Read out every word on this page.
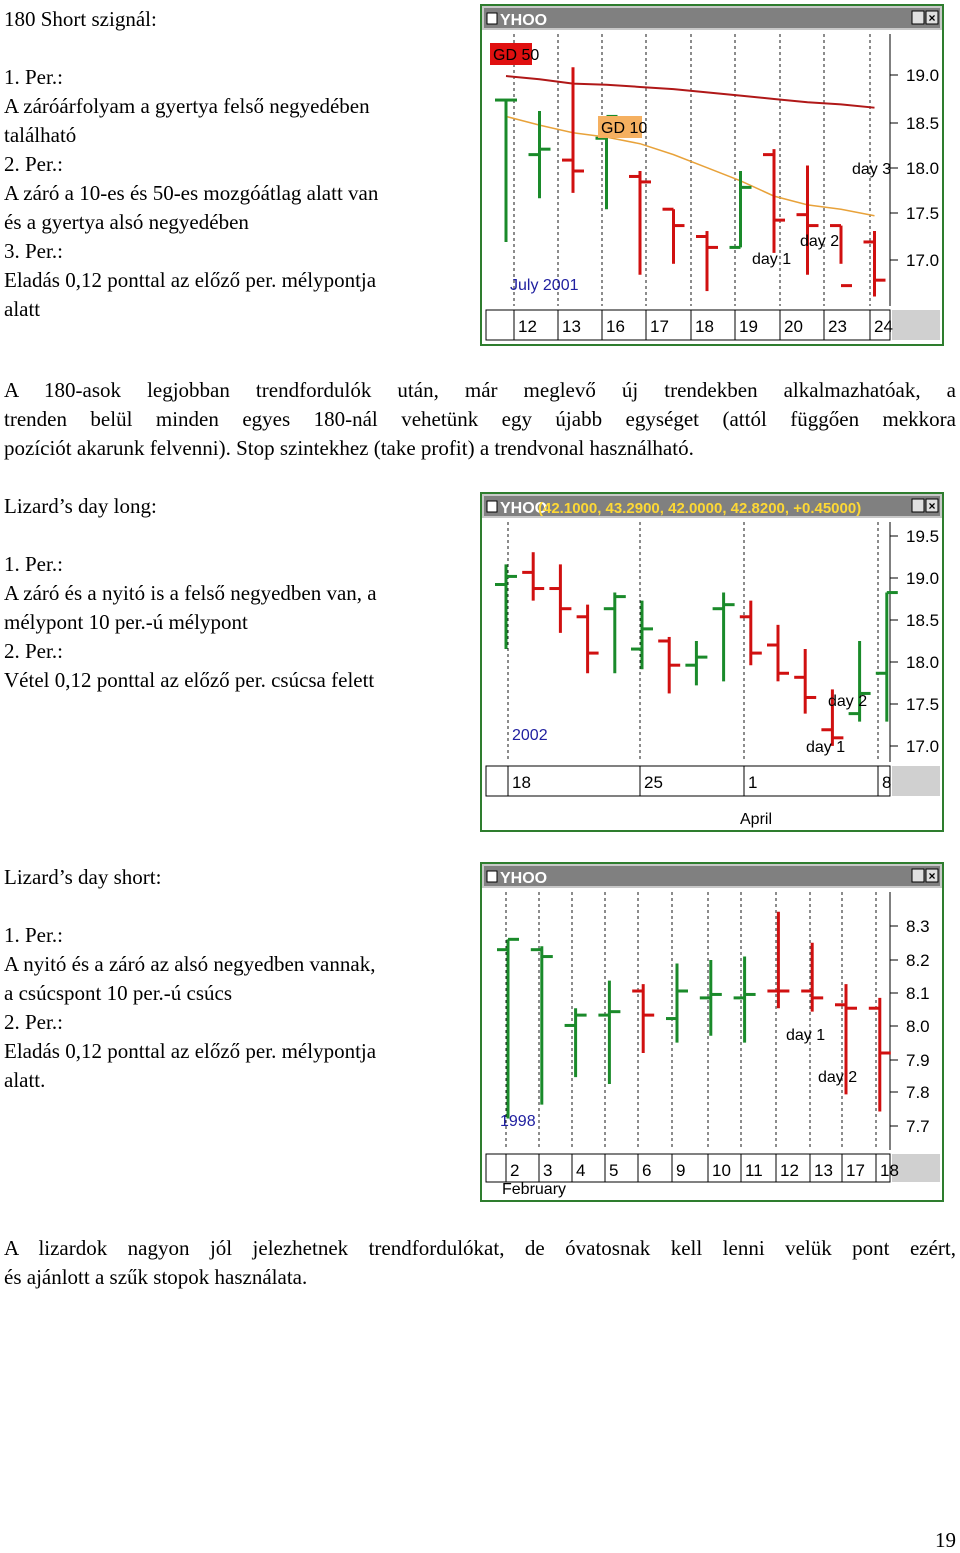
180 Short szignál:

1. Per.:
A záróárfolyam a gyertya felső negyedében
található
2. Per.:
A záró a 10-es és 50-es mozgóátlag alatt van
és a gyertya alsó negyedében
3. Per.:
Eladás 0,12 ponttal az előző per. mélypontja
alatt
YHOO	×
19.0
18.5
18.0
17.5
17.0
12 13 16 17 18 19 20 23 24
GD 50
GD 10
day 1
day 2
day 3
July 2001
A 180-asok legjobban trendfordulók után, már meglevő új trendekben alkalmazhatóak, a
trenden belül minden egyes 180-nál vehetünk egy újabb egységet (attól függően mekkora
pozíciót akarunk felvenni). Stop szintekhez (take profit) a trendvonal használható.
Lizard’s day long:

1. Per.:
A záró és a nyitó is a felső negyedben van, a
mélypont 10 per.-ú mélypont
2. Per.:
Vétel 0,12 ponttal az előző per. csúcsa felett
YHOO
(42.1000, 43.2900, 42.0000, 42.8200, +0.45000)	×
19.5
19.0
18.5
18.0
17.5
17.0
18	25	1	8
April
day 2
day 1
2002
Lizard’s day short:

1. Per.:
A nyitó és a záró az alsó negyedben vannak,
a csúcspont 10 per.-ú csúcs
2. Per.:
Eladás 0,12 ponttal az előző per. mélypontja
alatt.
YHOO	×
8.3
8.2
8.1
8.0
7.9
7.8
7.7
2 3 4 5 6 9 10 11 12 13 17 18
February
day 1
day 2
1998
A lizardok nagyon jól jelezhetnek trendfordulókat, de óvatosnak kell lenni velük pont ezért,
és ajánlott a szűk stopok használata.
19
